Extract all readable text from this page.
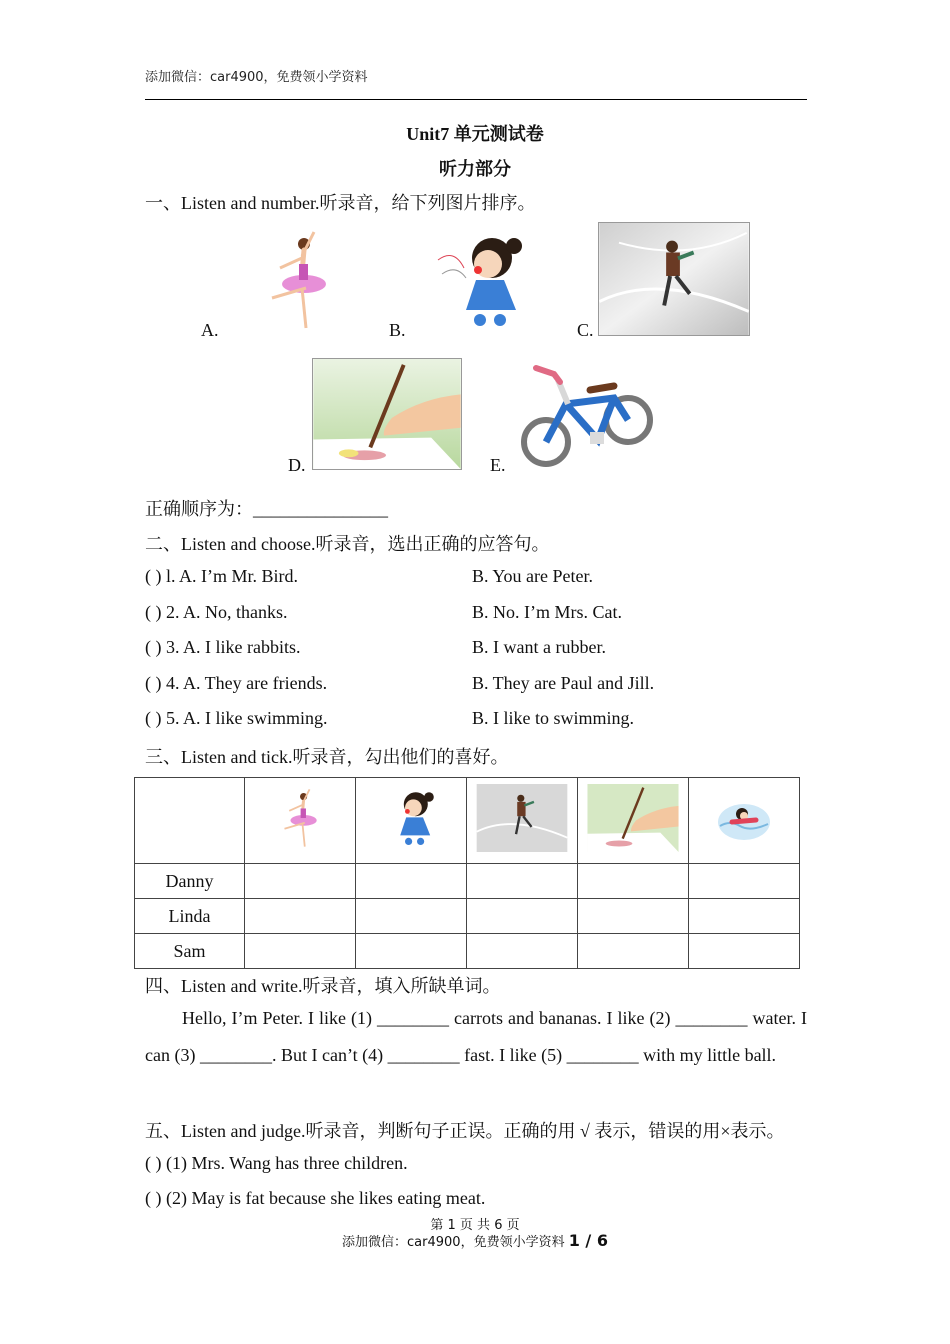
添加微信：car4900，免费领小学资料
Unit7 单元测试卷
听力部分
一、Listen and number.听录音，给下列图片排序。
A.	B.	C.
D.	E.
正确顺序为：_______________
二、Listen and choose.听录音，选出正确的应答句。
( ) l. A. I’m Mr. Bird.	B. You are Peter.
( ) 2. A. No, thanks.	B. No. I’m Mrs. Cat.
( ) 3. A. I like rabbits.	B. I want a rubber.
( ) 4. A. They are friends.	B. They are Paul and Jill.
( ) 5. A. I like swimming.	B. I like to swimming.
三、Listen and tick.听录音，勾出他们的喜好。

Danny					
Linda					
Sam					
四、Listen and write.听录音，填入所缺单词。
Hello, I’m Peter. I like (1) ________ carrots and bananas. I like (2) ________ water. I can (3) ________. But I can’t (4) ________ fast. I like (5) ________ with my little ball.
五、Listen and judge.听录音，判断句子正误。正确的用 √ 表示，错误的用×表示。
( ) (1) Mrs. Wang has three children.
( ) (2) May is fat because she likes eating meat.
第 1 页 共 6 页
添加微信：car4900，免费领小学资料 1 / 6
